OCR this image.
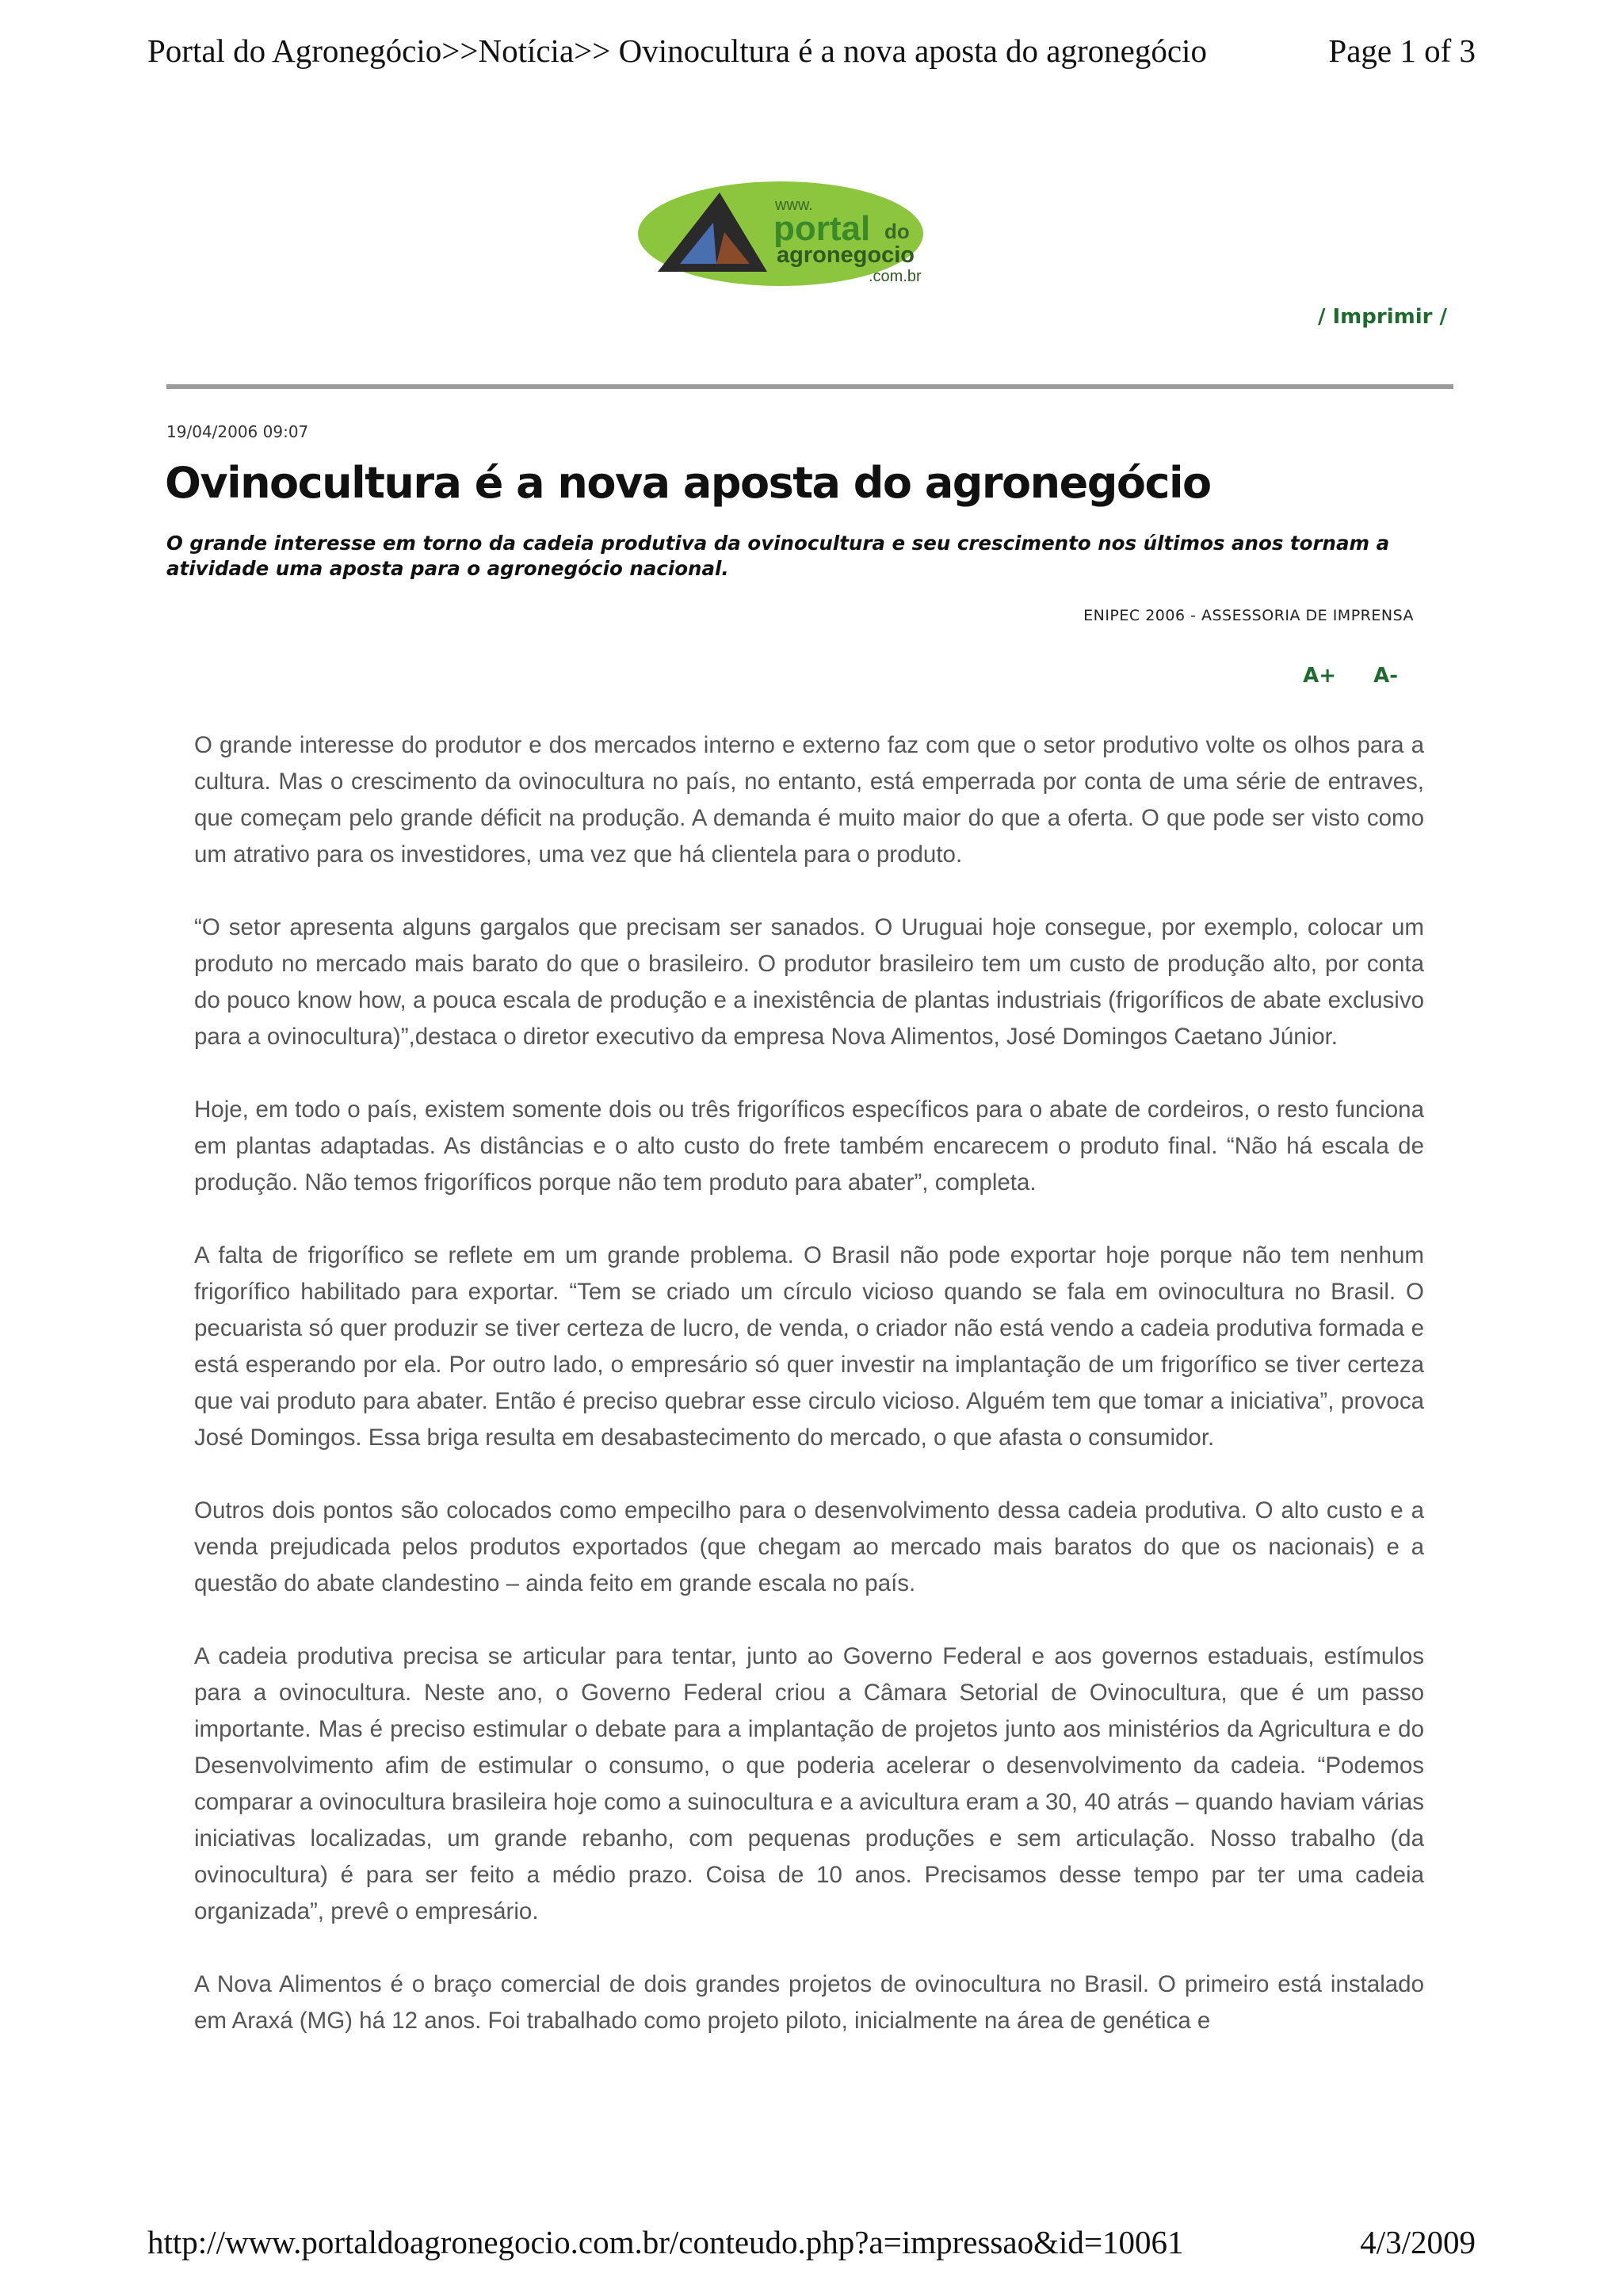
Portal do Agronegócio>>Notícia>> Ovinocultura é a nova aposta do agronegócio	Page 1 of 3
www.
portal do
agronegocio
.com.br
/ Imprimir /
19/04/2006 09:07
Ovinocultura é a nova aposta do agronegócio

O grande interesse em torno da cadeia produtiva da ovinocultura e seu crescimento nos últimos anos tornam a atividade uma aposta para o agronegócio nacional.

ENIPEC 2006 - ASSESSORIA DE IMPRENSA
A+ A-

O grande interesse do produtor e dos mercados interno e externo faz com que o setor produtivo volte os olhos para a cultura. Mas o crescimento da ovinocultura no país, no entanto, está emperrada por conta de uma série de entraves, que começam pelo grande déficit na produção. A demanda é muito maior do que a oferta. O que pode ser visto como um atrativo para os investidores, uma vez que há clientela para o produto.

“O setor apresenta alguns gargalos que precisam ser sanados. O Uruguai hoje consegue, por exemplo, colocar um produto no mercado mais barato do que o brasileiro. O produtor brasileiro tem um custo de produção alto, por conta do pouco know how, a pouca escala de produção e a inexistência de plantas industriais (frigoríficos de abate exclusivo para a ovinocultura)”,destaca o diretor executivo da empresa Nova Alimentos, José Domingos Caetano Júnior.

Hoje, em todo o país, existem somente dois ou três frigoríficos específicos para o abate de cordeiros, o resto funciona em plantas adaptadas. As distâncias e o alto custo do frete também encarecem o produto final. “Não há escala de produção. Não temos frigoríficos porque não tem produto para abater”, completa.

A falta de frigorífico se reflete em um grande problema. O Brasil não pode exportar hoje porque não tem nenhum frigorífico habilitado para exportar. “Tem se criado um círculo vicioso quando se fala em ovinocultura no Brasil. O pecuarista só quer produzir se tiver certeza de lucro, de venda, o criador não está vendo a cadeia produtiva formada e está esperando por ela. Por outro lado, o empresário só quer investir na implantação de um frigorífico se tiver certeza que vai produto para abater. Então é preciso quebrar esse circulo vicioso. Alguém tem que tomar a iniciativa”, provoca José Domingos. Essa briga resulta em desabastecimento do mercado, o que afasta o consumidor.

Outros dois pontos são colocados como empecilho para o desenvolvimento dessa cadeia produtiva. O alto custo e a venda prejudicada pelos produtos exportados (que chegam ao mercado mais baratos do que os nacionais) e a questão do abate clandestino – ainda feito em grande escala no país.

A cadeia produtiva precisa se articular para tentar, junto ao Governo Federal e aos governos estaduais, estímulos para a ovinocultura. Neste ano, o Governo Federal criou a Câmara Setorial de Ovinocultura, que é um passo importante. Mas é preciso estimular o debate para a implantação de projetos junto aos ministérios da Agricultura e do Desenvolvimento afim de estimular o consumo, o que poderia acelerar o desenvolvimento da cadeia. “Podemos comparar a ovinocultura brasileira hoje como a suinocultura e a avicultura eram a 30, 40 atrás – quando haviam várias iniciativas localizadas, um grande rebanho, com pequenas produções e sem articulação. Nosso trabalho (da ovinocultura) é para ser feito a médio prazo. Coisa de 10 anos. Precisamos desse tempo par ter uma cadeia organizada”, prevê o empresário.

A Nova Alimentos é o braço comercial de dois grandes projetos de ovinocultura no Brasil. O primeiro está instalado em Araxá (MG) há 12 anos. Foi trabalhado como projeto piloto, inicialmente na área de genética e

http://www.portaldoagronegocio.com.br/conteudo.php?a=impressao&id=10061	4/3/2009
